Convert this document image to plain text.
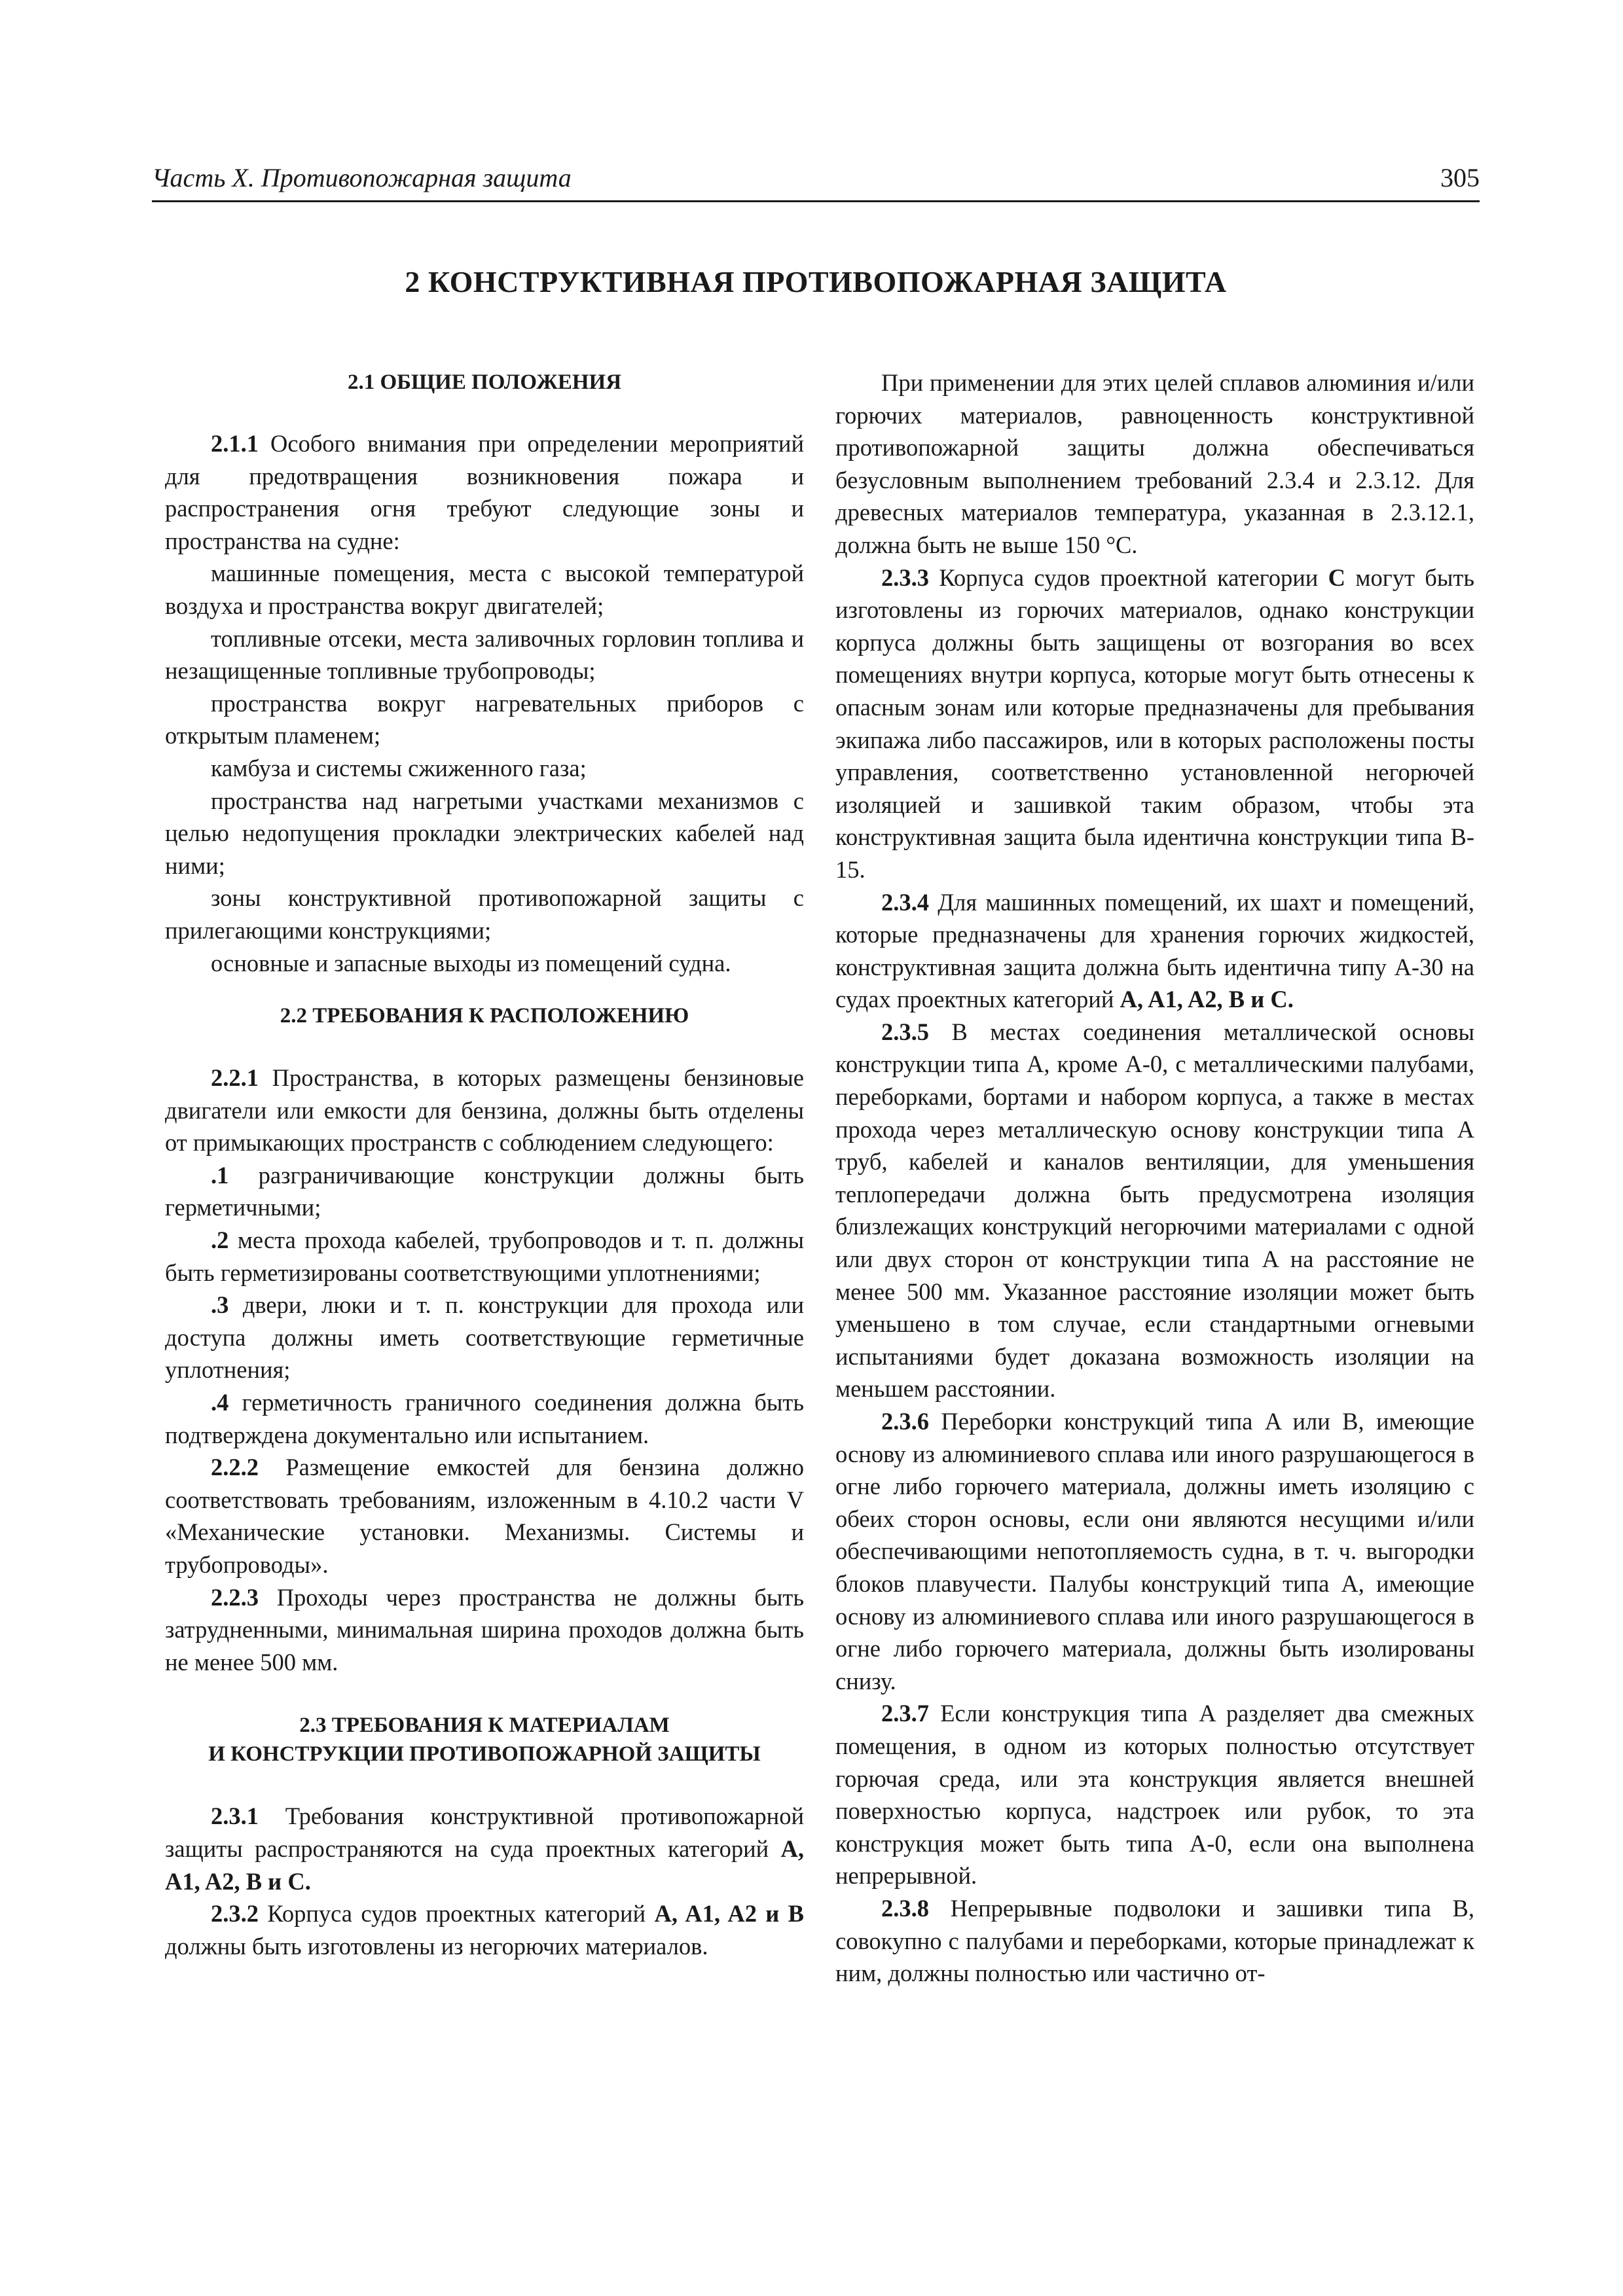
Часть X. Противопожарная защита	305
2 КОНСТРУКТИВНАЯ ПРОТИВОПОЖАРНАЯ ЗАЩИТА
2.1 ОБЩИЕ ПОЛОЖЕНИЯ

2.1.1 Особого внимания при определении мероприятий для предотвращения возникновения пожара и распространения огня требуют следующие зоны и пространства на судне:

машинные помещения, места с высокой температурой воздуха и пространства вокруг двигателей;

топливные отсеки, места заливочных горловин топлива и незащищенные топливные трубопроводы;

пространства вокруг нагревательных приборов с открытым пламенем;

камбуза и системы сжиженного газа;

пространства над нагретыми участками механизмов с целью недопущения прокладки электрических кабелей над ними;

зоны конструктивной противопожарной защиты с прилегающими конструкциями;

основные и запасные выходы из помещений судна.

2.2 ТРЕБОВАНИЯ К РАСПОЛОЖЕНИЮ

2.2.1 Пространства, в которых размещены бензиновые двигатели или емкости для бензина, должны быть отделены от примыкающих пространств с соблюдением следующего:

.1 разграничивающие конструкции должны быть герметичными;

.2 места прохода кабелей, трубопроводов и т. п. должны быть герметизированы соответствующими уплотнениями;

.3 двери, люки и т. п. конструкции для прохода или доступа должны иметь соответствующие герметичные уплотнения;

.4 герметичность граничного соединения должна быть подтверждена документально или испытанием.

2.2.2 Размещение емкостей для бензина должно соответствовать требованиям, изложенным в 4.10.2 части V «Механические установки. Механизмы. Системы и трубопроводы».

2.2.3 Проходы через пространства не должны быть затрудненными, минимальная ширина проходов должна быть не менее 500 мм.

2.3 ТРЕБОВАНИЯ К МАТЕРИАЛАМ
И КОНСТРУКЦИИ ПРОТИВОПОЖАРНОЙ ЗАЩИТЫ

2.3.1 Требования конструктивной противопожарной защиты распространяются на суда проектных категорий A, A1, A2, B и C.

2.3.2 Корпуса судов проектных категорий A, A1, A2 и B должны быть изготовлены из негорючих материалов.

При применении для этих целей сплавов алюминия и/или горючих материалов, равноценность конструктивной противопожарной защиты должна обеспечиваться безусловным выполнением требований 2.3.4 и 2.3.12. Для древесных материалов температура, указанная в 2.3.12.1, должна быть не выше 150 °C.

2.3.3 Корпуса судов проектной категории C могут быть изготовлены из горючих материалов, однако конструкции корпуса должны быть защищены от возгорания во всех помещениях внутри корпуса, которые могут быть отнесены к опасным зонам или которые предназначены для пребывания экипажа либо пассажиров, или в которых расположены посты управления, соответственно установленной негорючей изоляцией и зашивкой таким образом, чтобы эта конструктивная защита была идентична конструкции типа B-15.

2.3.4 Для машинных помещений, их шахт и помещений, которые предназначены для хранения горючих жидкостей, конструктивная защита должна быть идентична типу A-30 на судах проектных категорий A, A1, A2, B и C.

2.3.5 В местах соединения металлической основы конструкции типа A, кроме A-0, с металлическими палубами, переборками, бортами и набором корпуса, а также в местах прохода через металлическую основу конструкции типа A труб, кабелей и каналов вентиляции, для уменьшения теплопередачи должна быть предусмотрена изоляция близлежащих конструкций негорючими материалами с одной или двух сторон от конструкции типа A на расстояние не менее 500 мм. Указанное расстояние изоляции может быть уменьшено в том случае, если стандартными огневыми испытаниями будет доказана возможность изоляции на меньшем расстоянии.

2.3.6 Переборки конструкций типа A или B, имеющие основу из алюминиевого сплава или иного разрушающегося в огне либо горючего материала, должны иметь изоляцию с обеих сторон основы, если они являются несущими и/или обеспечивающими непотопляемость судна, в т. ч. выгородки блоков плавучести. Палубы конструкций типа A, имеющие основу из алюминиевого сплава или иного разрушающегося в огне либо горючего материала, должны быть изолированы снизу.

2.3.7 Если конструкция типа A разделяет два смежных помещения, в одном из которых полностью отсутствует горючая среда, или эта конструкция является внешней поверхностью корпуса, надстроек или рубок, то эта конструкция может быть типа A-0, если она выполнена непрерывной.

2.3.8 Непрерывные подволоки и зашивки типа B, совокупно с палубами и переборками, которые принадлежат к ним, должны полностью или частично от-
